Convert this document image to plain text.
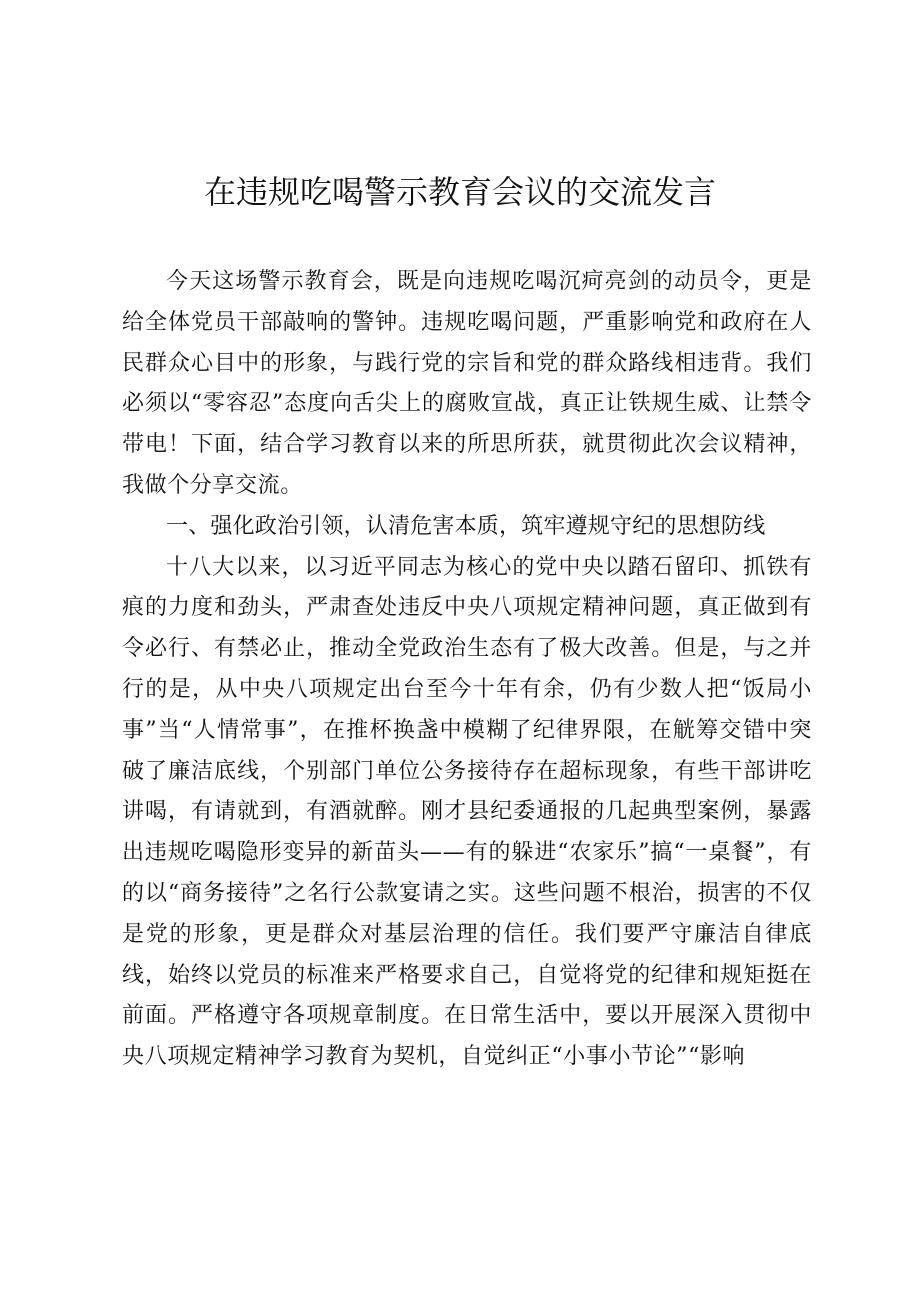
在违规吃喝警示教育会议的交流发言

今天这场警示教育会，既是向违规吃喝沉疴亮剑的动员令，更是给全体党员干部敲响的警钟。违规吃喝问题，严重影响党和政府在人民群众心目中的形象，与践行党的宗旨和党的群众路线相违背。我们必须以“零容忍”态度向舌尖上的腐败宣战，真正让铁规生威、让禁令带电！下面，结合学习教育以来的所思所获，就贯彻此次会议精神，我做个分享交流。

一、强化政治引领，认清危害本质，筑牢遵规守纪的思想防线

十八大以来，以习近平同志为核心的党中央以踏石留印、抓铁有痕的力度和劲头，严肃查处违反中央八项规定精神问题，真正做到有令必行、有禁必止，推动全党政治生态有了极大改善。但是，与之并行的是，从中央八项规定出台至今十年有余，仍有少数人把“饭局小事”当“人情常事”，在推杯换盏中模糊了纪律界限，在觥筹交错中突破了廉洁底线，个别部门单位公务接待存在超标现象，有些干部讲吃讲喝，有请就到，有酒就醉。刚才县纪委通报的几起典型案例，暴露出违规吃喝隐形变异的新苗头——有的躲进“农家乐”搞“一桌餐”，有的以“商务接待”之名行公款宴请之实。这些问题不根治，损害的不仅是党的形象，更是群众对基层治理的信任。我们要严守廉洁自律底线，始终以党员的标准来严格要求自己，自觉将党的纪律和规矩挺在前面。严格遵守各项规章制度。在日常生活中，要以开展深入贯彻中央八项规定精神学习教育为契机，自觉纠正“小事小节论”“影响
